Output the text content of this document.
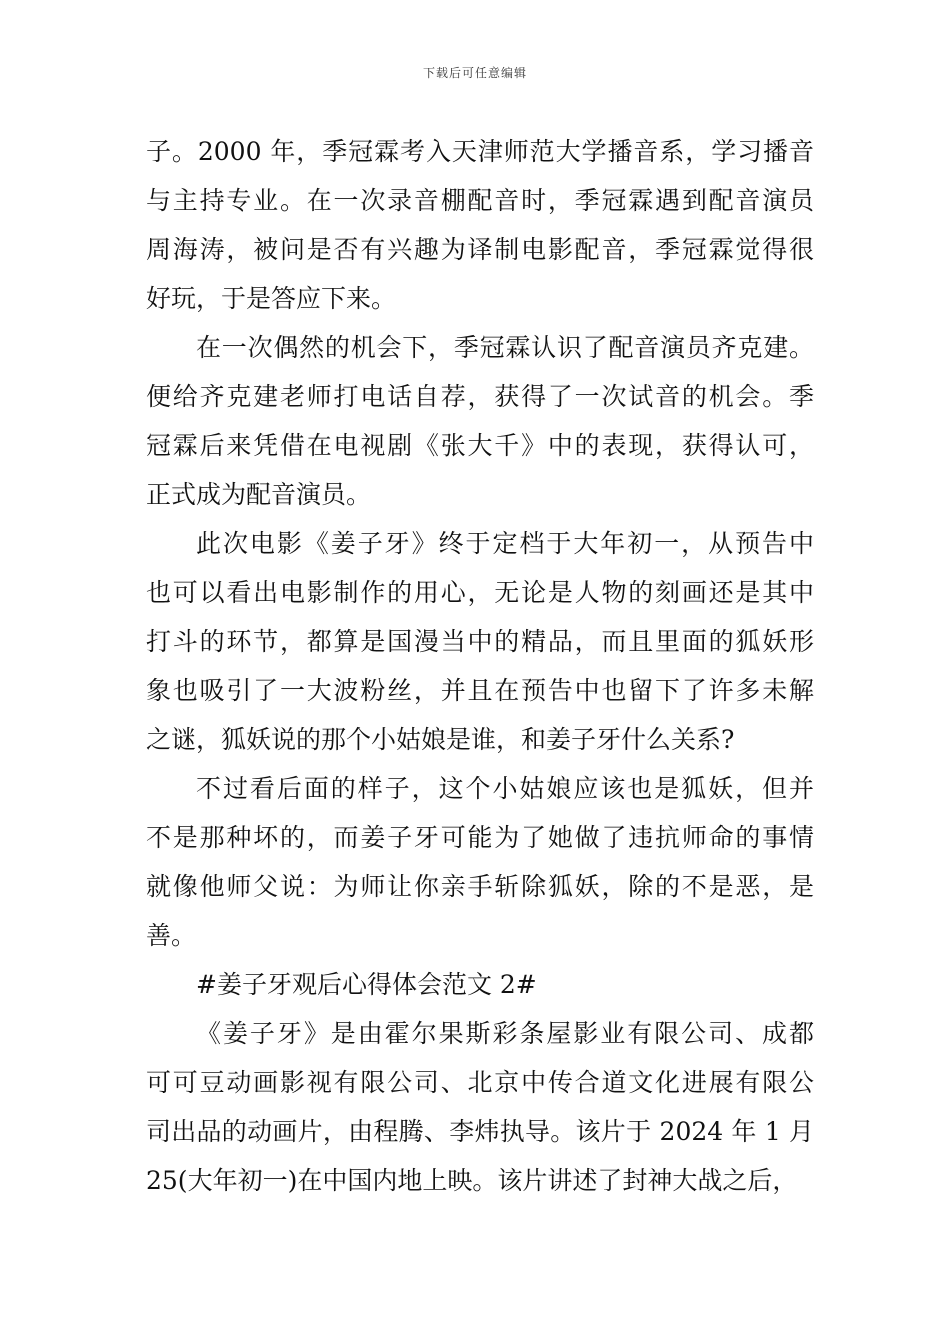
下载后可任意编辑
子。2000 年，季冠霖考入天津师范大学播音系，学习播音
与主持专业。在一次录音棚配音时，季冠霖遇到配音演员
周海涛，被问是否有兴趣为译制电影配音，季冠霖觉得很
好玩，于是答应下来。
在一次偶然的机会下，季冠霖认识了配音演员齐克建。
便给齐克建老师打电话自荐，获得了一次试音的机会。季
冠霖后来凭借在电视剧《张大千》中的表现，获得认可，
正式成为配音演员。
此次电影《姜子牙》终于定档于大年初一，从预告中
也可以看出电影制作的用心，无论是人物的刻画还是其中
打斗的环节，都算是国漫当中的精品，而且里面的狐妖形
象也吸引了一大波粉丝，并且在预告中也留下了许多未解
之谜，狐妖说的那个小姑娘是谁，和姜子牙什么关系?
不过看后面的样子，这个小姑娘应该也是狐妖，但并
不是那种坏的，而姜子牙可能为了她做了违抗师命的事情
就像他师父说：为师让你亲手斩除狐妖，除的不是恶，是
善。
#姜子牙观后心得体会范文 2#
《姜子牙》是由霍尔果斯彩条屋影业有限公司、成都
可可豆动画影视有限公司、北京中传合道文化进展有限公
司出品的动画片，由程腾、李炜执导。该片于 2024 年 1 月
25(大年初一)在中国内地上映。该片讲述了封神大战之后，
